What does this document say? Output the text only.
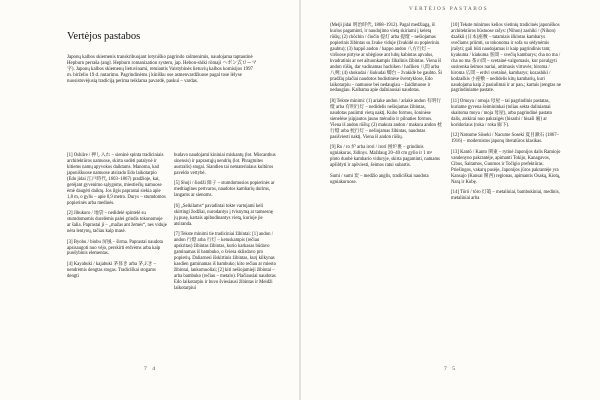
Vertėjos pastabos

Japonų kalbos skiemenis transkribuojant lotyniško pagrindo rašmenimis, naudojama taptautinė Hepburn perraša (angl. Hepburn romanization system, jap. Hebon-shiki rōmaji ヘボン式ローマ字). Japonų kalbos skiemenų lietuvinami, remiantis Valstybinės lietuvių kalbos komisijos 1997 m. birželio 19 d. nutarimu. Pagrindinėms į kinišku ose asmenvardžiuose pagal tose lėlyse nuosistovėjusią tradiciją perima teiklama pavardė, paskui – vardas.

[1] Oshiire / 押し入れ – sieninė spinta tradiciniais architektūros namuose, skirta sudėti patalynė ir kitiems namų apyvokos daiktams. Manoma, kad japoniškuose namuose atsirado Edo laikotarpio (Edo jidai 江戸時代, 1603–1867) pradžioje, kai, gerėjant gyvenimo sąlygoms, miestiečių namuose ėmė daugėti daiktų. Jos ilgis paprastai siekia apie 1,8 m, o gylis – apie 0,9 metro. Durys – stumdomos popierinės arba medinės.

[2] Jibukuro / 地袋 – nedidelė spintelė su stumdomomis durelėmis palei grindis tokonomoje ar šalia. Paprastai ji – „mažas ant žemės“, nes viduje nėra lentynų, tačiau kaip masė.

[3] Byobu / biobu 屏風 – širma. Paprastai naudota apsisaugoti nuo vėjo, perskirti erdvėms arba kaip puošybinis elementas.

[4] Kayabuki / kajabuki 茅葺き arba 茅ぶき – nendrėmis dengtas stogas. Tradiciškai stogams dengti

budavo naudojami kininiai miskantų (lot. Miscanthus sinensis) ir paprastųjų nendrių (lot. Phragmites australis) stogai. Siandien tai nematerialaus kultūros paveldo vertybė.

[5] Shoji / šiodži 障子 – stumdomosios popierinės ar medtiagines pertvaros, naudotos kambarių durims, langams ar sienoms.

[6] „Seikilams“ pavadintai tokte vartojami keli skirtingi žodžiai, nurodantys į tvisnymą ar tamsesnę jų pusę, kartais apibudinantys vietą, kurioje jie atsiranda.

[7] Tekste minimi tie tradiciniai žibintai: [1] andon / andon 行燈 arba 行灯 – ketuskampis (rečiau apskritas) žibintas žibintas, kurio karkasas būdavo gaminamas iš bambuko, o šviesa sklisdavo pro popierių. Daliarnesi išskirtinis žibintas, kurį kilkynas kasdien gaminamas iš bambuko; kito rečiau ar miesto žibintai, lankomuoliai; [2] kiti nešiojamieji žibintai – arba bambuko (rečiau – metalo). Plačiausiai naudotas Edo laikotarpiu ir buvo šviesiausi žibintas ir Meidži laikotarpiui

7 4
VERTĖJOS PASTABOS

(Meiji jidai 明治時代, 1868–1912). Pagal medžiagą, iš kurios pagaminti, ir naudojimo vietą skiriami į keletą rūšių; (2) chōchin / čiočin 提灯 arba 提燈 – nešiojamas popierinis žibintas su žvake viduje (žvakidė su popieriniu gaubtu); (3) happō andon / happo andon 八方行灯 – viršuose pirtyse ar ubėgiose ant lubų kabintas apvalus, kvadratinis ar net aštuonkampis žibalinis žibintas. Viena iš andon rūšių, dar vadinamas hachiken / hačiken 八間 arba 八剣; (4) shokudai / šiokudai 燭台 – žvakidė be gaubto. Ši pradžių plačiai naudotos budistinėse šventyklose, Edo laikotarpiu – namuose bei nedaugiau – žaidimuose ir nedaugiau. Kalbama apie dažniausiai naudotas.

[8] Tekste minimi: (1) ariake andon / ariakė andon 有明行燈 arba 有明行灯 – nedidelis nešiojamas žibintas, naudotas pasiimti vietą naktį. Kubo formos, šoninėse sienelėse įsipjautos jauno mėnulio ir pilnaties formos. Viena iš andon rūšių; (2) makura andon / makura andon 枕行燈 arba 枕行灯 – nešiojamas žibintas, naudotas pasišviesti naktį. Viena iš andon rūšių.

[9] Ro / ro 炉 arba irori / irori 囲炉裏 – grindinis ugniakuras, židinys. Maždaug 20–40 cm gylio ir 1 m² ploto duobė kambario viduryje, skirta pagaminti, namams apšildyti ir apšviesti, šeimos ratui subartis.

Sumi / sumi 炭 – medžio anglis, tradiciškai naudota ugniakuruose.

[10] Tekste minimos kelios vietinių tradicinės japoniškos architektūros būstuose rašys: (Nihon) zashiki / (Nihon) dzaškii (日本)座敷 – tatamiais išklotas kambarys svečiams priimti, su tokonoma ir sofa su sėdynėmis įrašyti; gali būti naudojamas ir kaip pagrindinis tam; kyakuma / kiakuma 客間 – svečių kambarys; cha no ma / cha no ma 茶の間 – svetainė-valgomasis, kur pavalgyti susirenka šeimos nariai, artimasis virtuvės; hiroma / hiroma 広間 – erdvi svetainė, kambarys; kozashiki / kodzaškis 小座敷 – nedidelis kitų kambarių, kuri naudojama kaip 2 pasiulimai ir ar pan.; kartais įrengtas ne pagrindiniame pastate.

[11] Omoya / omoja 母屋 – tai pagrindinis pastatas, kuriame gyvena šeimininkai (toliau sekta daliniamai skaitoma moya / moja 母屋), arba pagrindinė pastato dalis, atskirai nuo pakraigės (hisashi / hisaši 廂) ar koridoriaus (roka / roka 廊下).

[12] Natsume Sōseki / Nacume Soseki 夏目漱石 (1867–1916) – modernistos japonų literatūros klasikas.

[13] Kantō / Kanto 関東 – rytinė Japonijos dalis Ramiojo vandenyno pakrantėje, apimanti Tokijo, Kanagavos, Cibos, Saitamos, Gunmos ir Točigio prefektūras. Priešingos, vakarų pusėje, Japonijos jūros pakrantėje yra Kansajo (Kansai 関西) regionas, apimantis Osaką, Kiotą, Narą ir Kobę.

[14] Tōrō / tōro 灯篭 – metaliniai, bambukiniai, medinis, metaliniai arba

7 5
